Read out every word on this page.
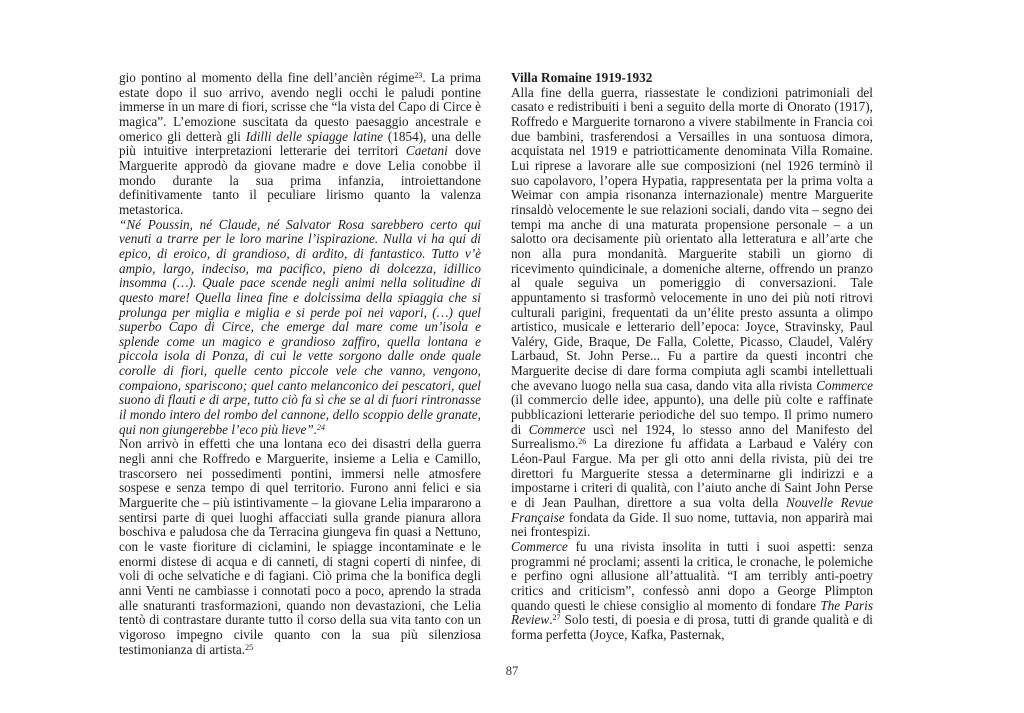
gio pontino al momento della fine dell’ancièn régime$^{23}$. La prima estate dopo il suo arrivo, avendo negli occhi le paludi pontine immerse in un mare di fiori, scrisse che “la vista del Capo di Circe è magica”. L’emozione suscitata da questo paesaggio ancestrale e omerico gli detterà gli Idilli delle spiagge latine (1854), una delle più intuitive interpretazioni letterarie dei territori Caetani dove Marguerite approdò da giovane madre e dove Lelia conobbe il mondo durante la sua prima infanzia, introiettandone definitivamente tanto il peculiare lirismo quanto la valenza metastorica.

“Né Poussin, né Claude, né Salvator Rosa sarebbero certo qui venuti a trarre per le loro marine l’ispirazione. Nulla vi ha qui di epico, di eroico, di grandioso, di ardito, di fantastico. Tutto v’è ampio, largo, indeciso, ma pacifico, pieno di dolcezza, idillico insomma (…). Quale pace scende negli animi nella solitudine di questo mare! Quella linea fine e dolcissima della spiaggia che si prolunga per miglia e miglia e si perde poi nei vapori, (…) quel superbo Capo di Circe, che emerge dal mare come un’isola e splende come un magico e grandioso zaffiro, quella lontana e piccola isola di Ponza, di cui le vette sorgono dalle onde quale corolle di fiori, quelle cento piccole vele che vanno, vengono, compaiono, spariscono; quel canto melanconico dei pescatori, quel suono di flauti e di arpe, tutto ciò fa sì che se al di fuori rintronasse il mondo intero del rombo del cannone, dello scoppio delle granate, qui non giungerebbe l’eco più lieve”.$^{24}$

Non arrivò in effetti che una lontana eco dei disastri della guerra negli anni che Roffredo e Marguerite, insieme a Lelia e Camillo, trascorsero nei possedimenti pontini, immersi nelle atmosfere sospese e senza tempo di quel territorio. Furono anni felici e sia Marguerite che – più istintivamente – la giovane Lelia impararono a sentirsi parte di quei luoghi affacciati sulla grande pianura allora boschiva e paludosa che da Terracina giungeva fin quasi a Nettuno, con le vaste fioriture di ciclamini, le spiagge incontaminate e le enormi distese di acqua e di canneti, di stagni coperti di ninfee, di voli di oche selvatiche e di fagiani. Ciò prima che la bonifica degli anni Venti ne cambiasse i connotati poco a poco, aprendo la strada alle snaturanti trasformazioni, quando non devastazioni, che Lelia tentò di contrastare durante tutto il corso della sua vita tanto con un vigoroso impegno civile quanto con la sua più silenziosa testimonianza di artista.$^{25}$

Villa Romaine 1919-1932

Alla fine della guerra, riassestate le condizioni patrimoniali del casato e redistribuiti i beni a seguito della morte di Onorato (1917), Roffredo e Marguerite tornarono a vivere stabilmente in Francia coi due bambini, trasferendosi a Versailles in una sontuosa dimora, acquistata nel 1919 e patriotticamente denominata Villa Romaine. Lui riprese a lavorare alle sue composizioni (nel 1926 terminò il suo capolavoro, l’opera Hypatia, rappresentata per la prima volta a Weimar con ampia risonanza internazionale) mentre Marguerite rinsaldò velocemente le sue relazioni sociali, dando vita – segno dei tempi ma anche di una maturata propensione personale – a un salotto ora decisamente più orientato alla letteratura e all’arte che non alla pura mondanità. Marguerite stabilì un giorno di ricevimento quindicinale, a domeniche alterne, offrendo un pranzo al quale seguiva un pomeriggio di conversazioni. Tale appuntamento si trasformò velocemente in uno dei più noti ritrovi culturali parigini, frequentati da un’élite presto assunta a olimpo artistico, musicale e letterario dell’epoca: Joyce, Stravinsky, Paul Valéry, Gide, Braque, De Falla, Colette, Picasso, Claudel, Valéry Larbaud, St. John Perse... Fu a partire da questi incontri che Marguerite decise di dare forma compiuta agli scambi intellettuali che avevano luogo nella sua casa, dando vita alla rivista Commerce (il commercio delle idee, appunto), una delle più colte e raffinate pubblicazioni letterarie periodiche del suo tempo. Il primo numero di Commerce uscì nel 1924, lo stesso anno del Manifesto del Surrealismo.$^{26}$ La direzione fu affidata a Larbaud e Valéry con Léon-Paul Fargue. Ma per gli otto anni della rivista, più dei tre direttori fu Marguerite stessa a determinarne gli indirizzi e a impostarne i criteri di qualità, con l’aiuto anche di Saint John Perse e di Jean Paulhan, direttore a sua volta della Nouvelle Revue Française fondata da Gide. Il suo nome, tuttavia, non apparirà mai nei frontespizi.

Commerce fu una rivista insolita in tutti i suoi aspetti: senza programmi né proclami; assenti la critica, le cronache, le polemiche e perfino ogni allusione all’attualità. “I am terribly anti-poetry critics and criticism”, confessò anni dopo a George Plimpton quando questi le chiese consiglio al momento di fondare The Paris Review.$^{27}$ Solo testi, di poesia e di prosa, tutti di grande qualità e di forma perfetta (Joyce, Kafka, Pasternak,

87
